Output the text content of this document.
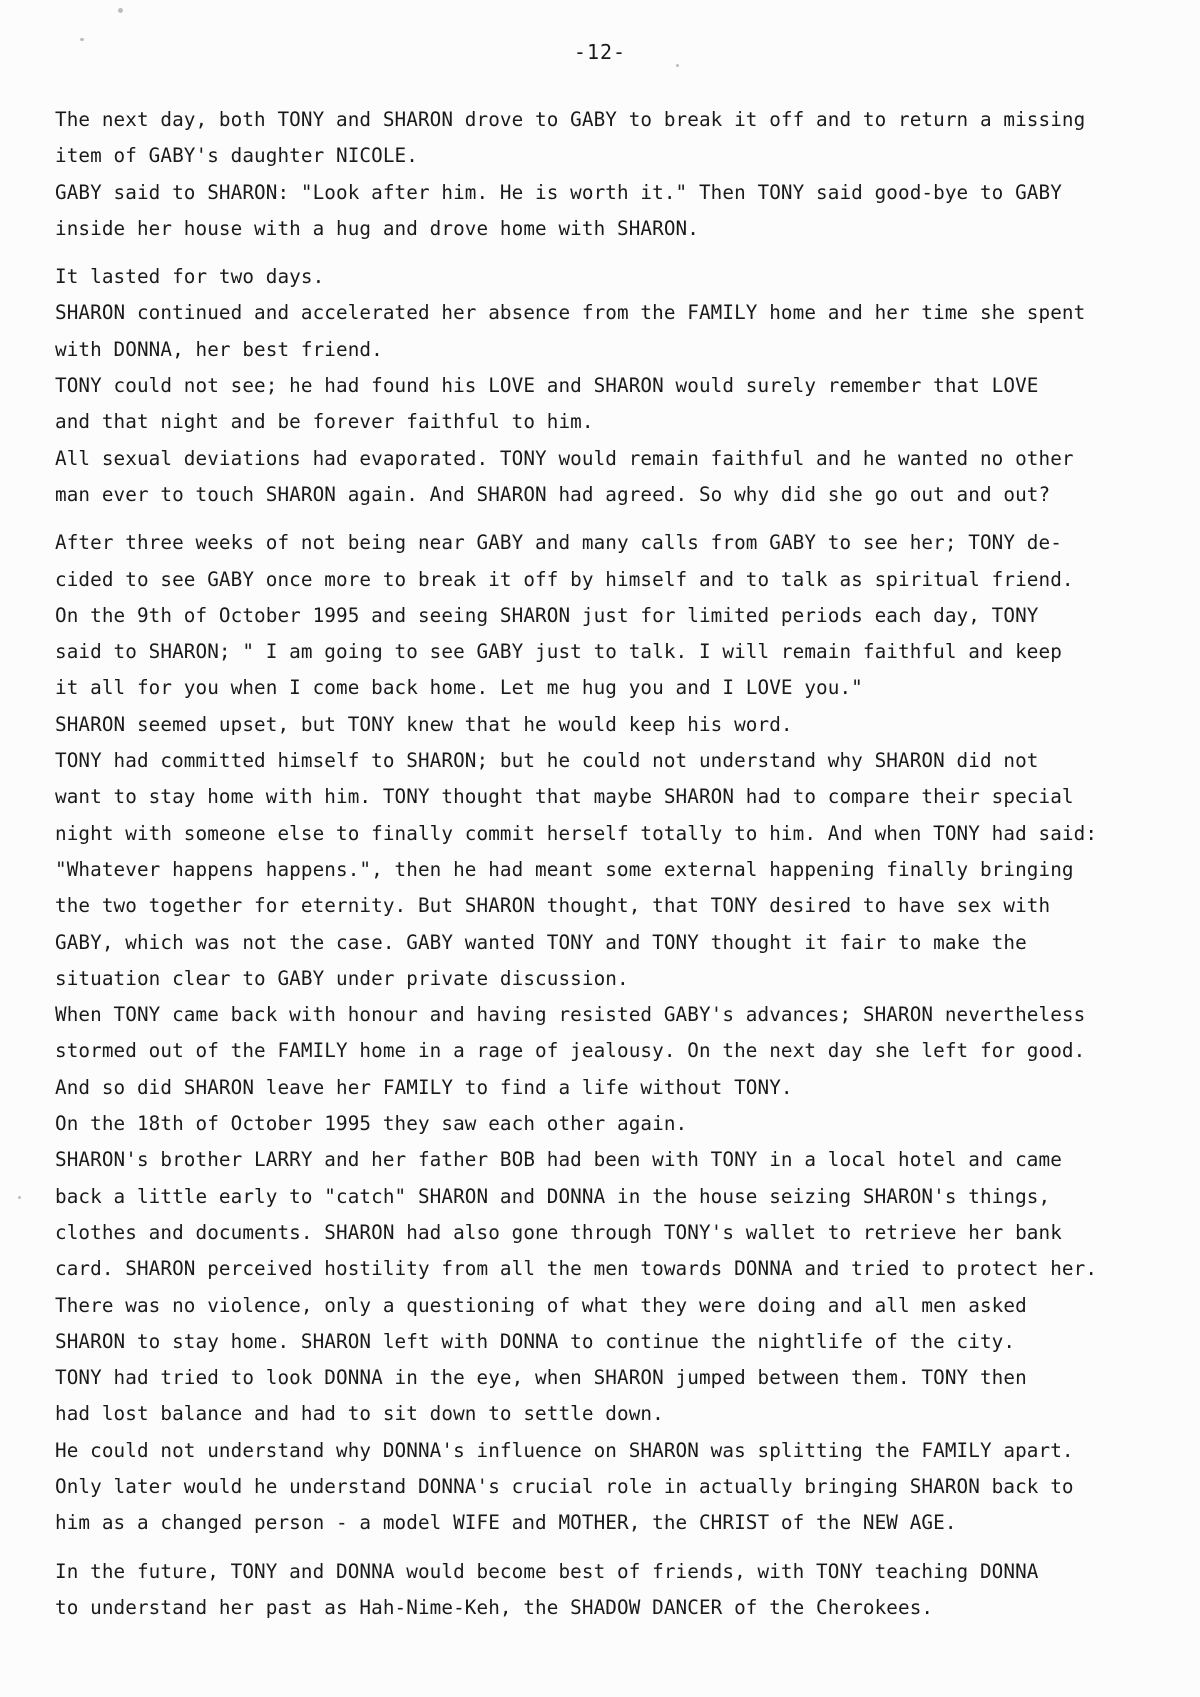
-12-
The next day, both TONY and SHARON drove to GABY to break it off and to return a missing
item of GABY's daughter NICOLE.
GABY said to SHARON: "Look after him. He is worth it." Then TONY said good-bye to GABY
inside her house with a hug and drove home with SHARON.
It lasted for two days.
SHARON continued and accelerated her absence from the FAMILY home and her time she spent
with DONNA, her best friend.
TONY could not see; he had found his LOVE and SHARON would surely remember that LOVE
and that night and be forever faithful to him.
All sexual deviations had evaporated. TONY would remain faithful and he wanted no other
man ever to touch SHARON again. And SHARON had agreed. So why did she go out and out?
After three weeks of not being near GABY and many calls from GABY to see her; TONY de-
cided to see GABY once more to break it off by himself and to talk as spiritual friend.
On the 9th of October 1995 and seeing SHARON just for limited periods each day, TONY
said to SHARON; " I am going to see GABY just to talk. I will remain faithful and keep
it all for you when I come back home. Let me hug you and I LOVE you."
SHARON seemed upset, but TONY knew that he would keep his word.
TONY had committed himself to SHARON; but he could not understand why SHARON did not
want to stay home with him. TONY thought that maybe SHARON had to compare their special
night with someone else to finally commit herself totally to him. And when TONY had said:
"Whatever happens happens.", then he had meant some external happening finally bringing
the two together for eternity. But SHARON thought, that TONY desired to have sex with
GABY, which was not the case. GABY wanted TONY and TONY thought it fair to make the
situation clear to GABY under private discussion.
When TONY came back with honour and having resisted GABY's advances; SHARON nevertheless
stormed out of the FAMILY home in a rage of jealousy. On the next day she left for good.
And so did SHARON leave her FAMILY to find a life without TONY.
On the 18th of October 1995 they saw each other again.
SHARON's brother LARRY and her father BOB had been with TONY in a local hotel and came
back a little early to "catch" SHARON and DONNA in the house seizing SHARON's things,
clothes and documents. SHARON had also gone through TONY's wallet to retrieve her bank
card. SHARON perceived hostility from all the men towards DONNA and tried to protect her.
There was no violence, only a questioning of what they were doing and all men asked
SHARON to stay home. SHARON left with DONNA to continue the nightlife of the city.
TONY had tried to look DONNA in the eye, when SHARON jumped between them. TONY then
had lost balance and had to sit down to settle down.
He could not understand why DONNA's influence on SHARON was splitting the FAMILY apart.
Only later would he understand DONNA's crucial role in actually bringing SHARON back to
him as a changed person - a model WIFE and MOTHER, the CHRIST of the NEW AGE.
In the future, TONY and DONNA would become best of friends, with TONY teaching DONNA
to understand her past as Hah-Nime-Keh, the SHADOW DANCER of the Cherokees.
